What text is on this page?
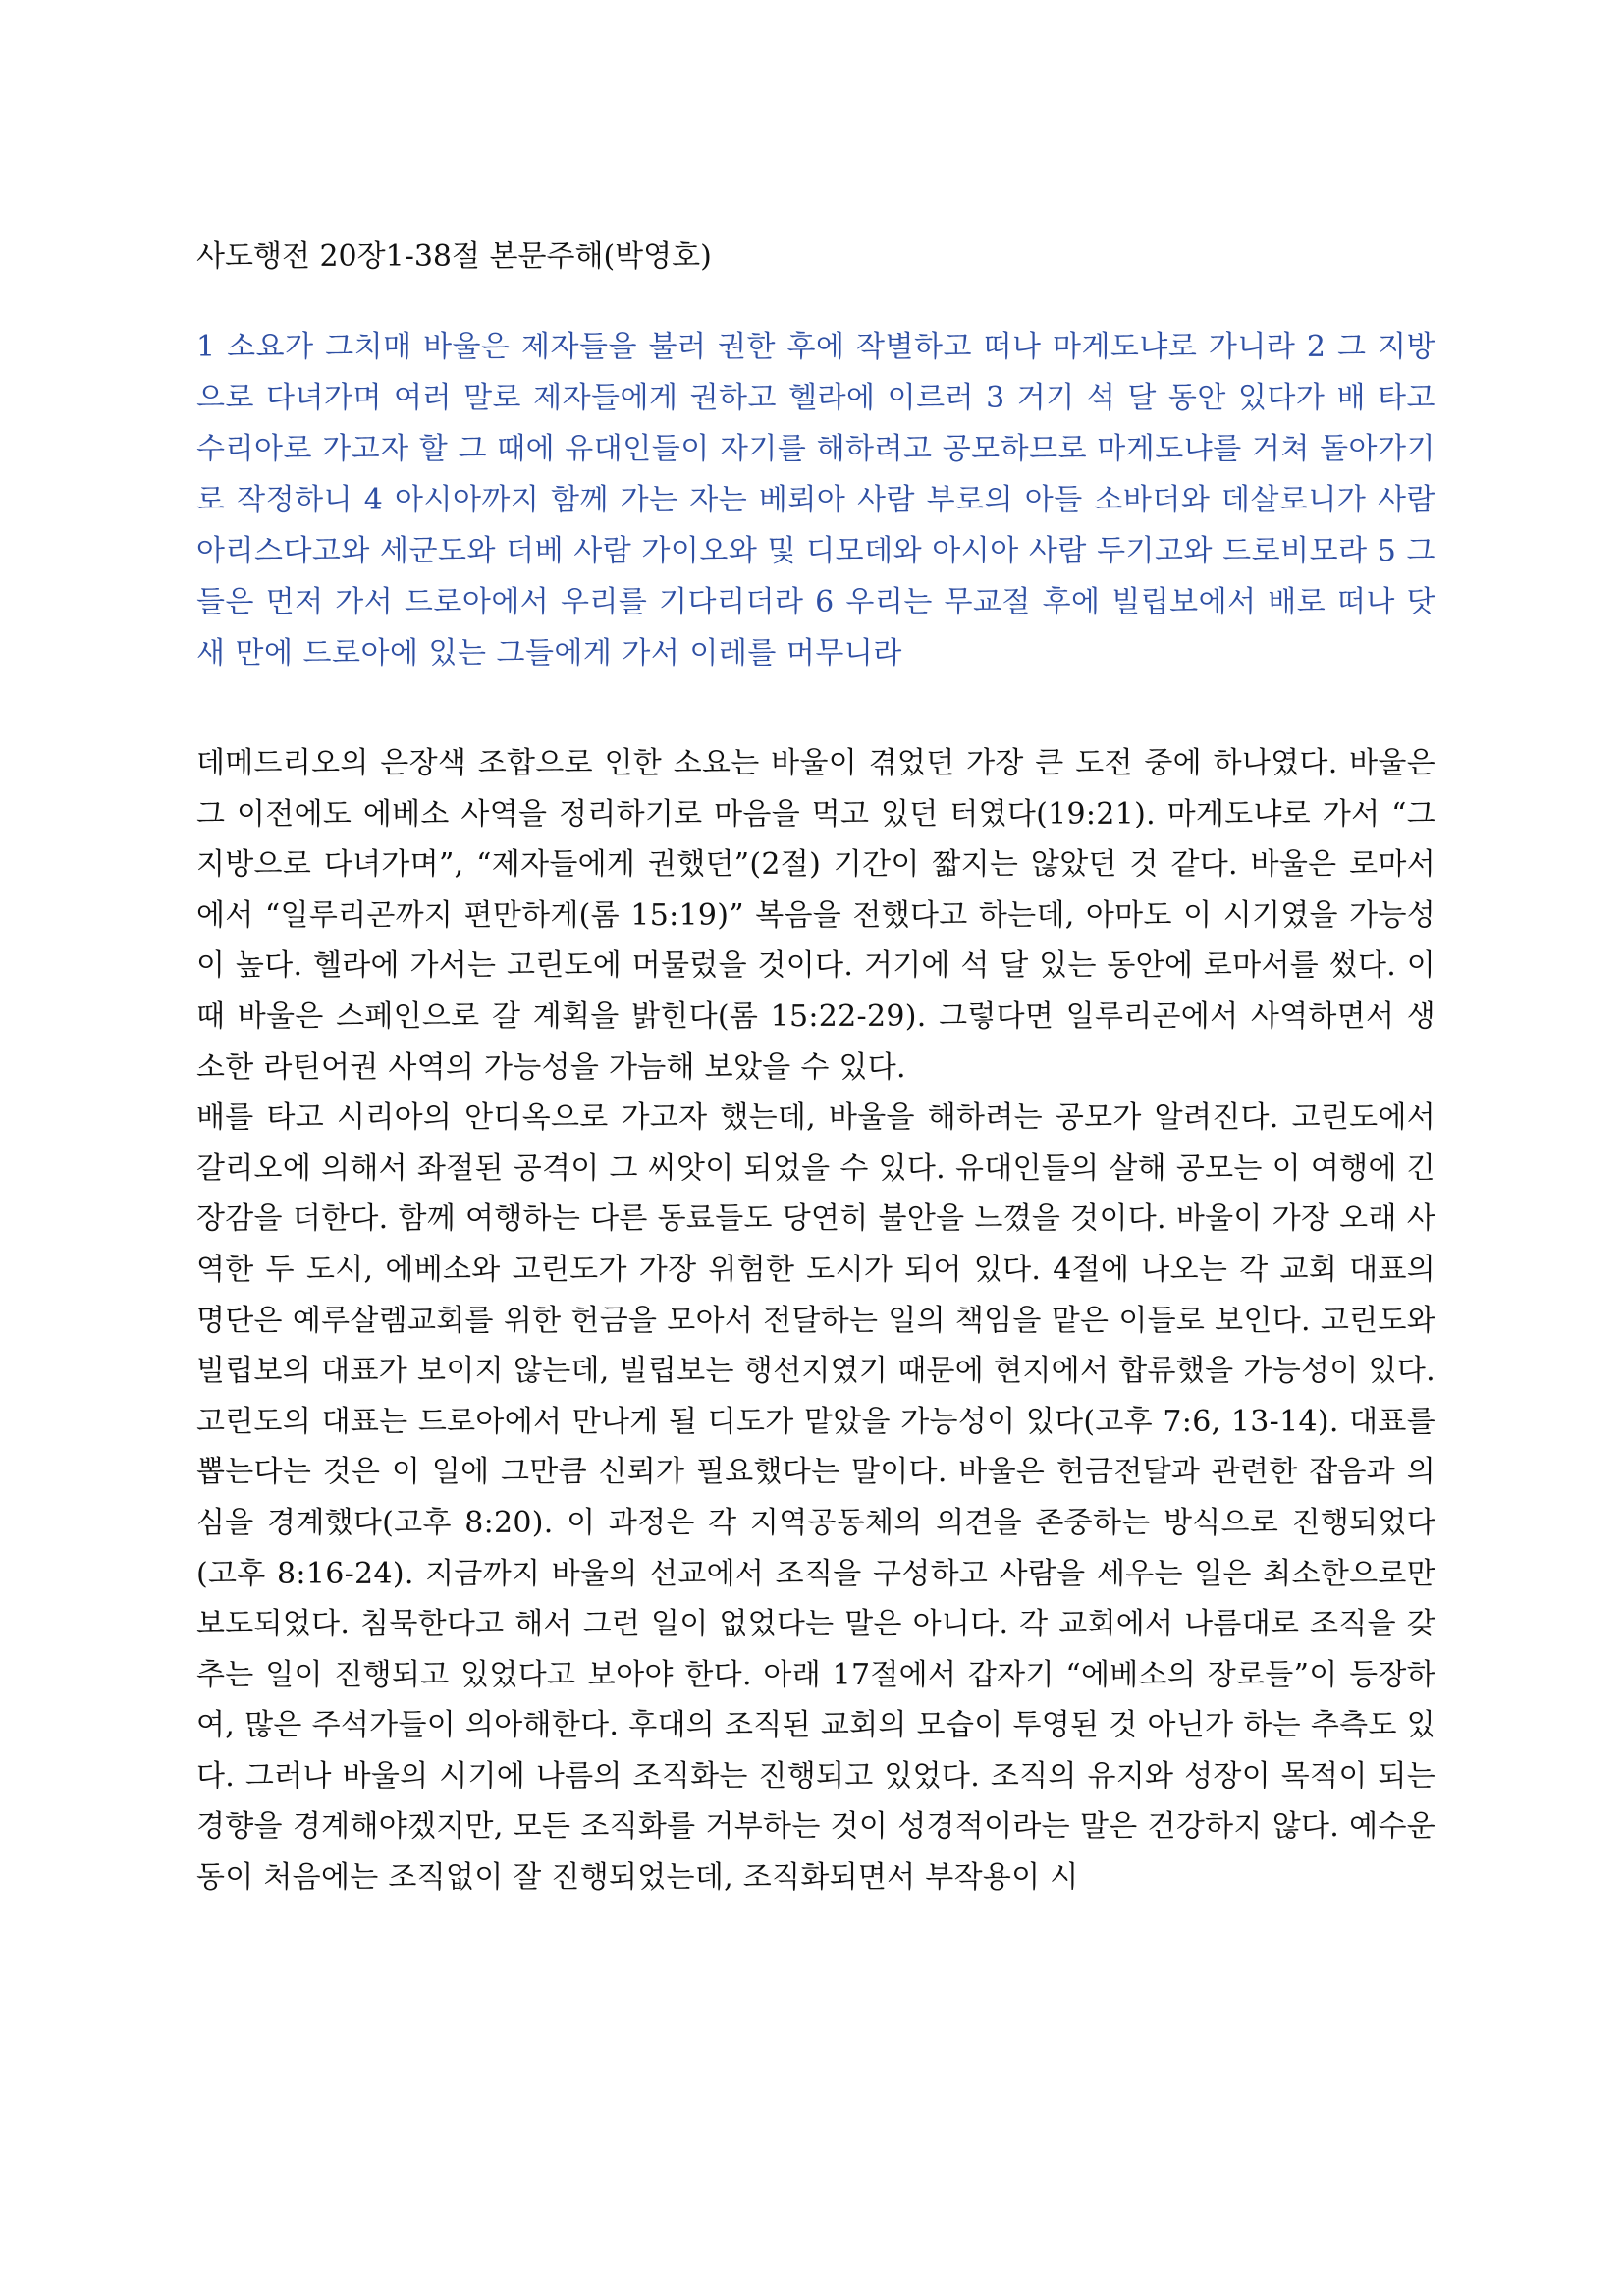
사도행전 20장1-38절 본문주해(박영호)

1 소요가 그치매 바울은 제자들을 불러 권한 후에 작별하고 떠나 마게도냐로 가니라 2 그 지방으로 다녀가며 여러 말로 제자들에게 권하고 헬라에 이르러 3 거기 석 달 동안 있다가 배 타고 수리아로 가고자 할 그 때에 유대인들이 자기를 해하려고 공모하므로 마게도냐를 거쳐 돌아가기로 작정하니 4 아시아까지 함께 가는 자는 베뢰아 사람 부로의 아들 소바더와 데살로니가 사람 아리스다고와 세군도와 더베 사람 가이오와 및 디모데와 아시아 사람 두기고와 드로비모라 5 그들은 먼저 가서 드로아에서 우리를 기다리더라 6 우리는 무교절 후에 빌립보에서 배로 떠나 닷새 만에 드로아에 있는 그들에게 가서 이레를 머무니라

데메드리오의 은장색 조합으로 인한 소요는 바울이 겪었던 가장 큰 도전 중에 하나였다. 바울은 그 이전에도 에베소 사역을 정리하기로 마음을 먹고 있던 터였다(19:21). 마게도냐로 가서 “그 지방으로 다녀가며”, “제자들에게 권했던”(2절) 기간이 짧지는 않았던 것 같다. 바울은 로마서에서 “일루리곤까지 편만하게(롬 15:19)” 복음을 전했다고 하는데, 아마도 이 시기였을 가능성이 높다. 헬라에 가서는 고린도에 머물렀을 것이다. 거기에 석 달 있는 동안에 로마서를 썼다. 이 때 바울은 스페인으로 갈 계획을 밝힌다(롬 15:22-29). 그렇다면 일루리곤에서 사역하면서 생소한 라틴어권 사역의 가능성을 가늠해 보았을 수 있다.

배를 타고 시리아의 안디옥으로 가고자 했는데, 바울을 해하려는 공모가 알려진다. 고린도에서 갈리오에 의해서 좌절된 공격이 그 씨앗이 되었을 수 있다. 유대인들의 살해 공모는 이 여행에 긴장감을 더한다. 함께 여행하는 다른 동료들도 당연히 불안을 느꼈을 것이다. 바울이 가장 오래 사역한 두 도시, 에베소와 고린도가 가장 위험한 도시가 되어 있다. 4절에 나오는 각 교회 대표의 명단은 예루살렘교회를 위한 헌금을 모아서 전달하는 일의 책임을 맡은 이들로 보인다. 고린도와 빌립보의 대표가 보이지 않는데, 빌립보는 행선지였기 때문에 현지에서 합류했을 가능성이 있다. 고린도의 대표는 드로아에서 만나게 될 디도가 맡았을 가능성이 있다(고후 7:6, 13-14). 대표를 뽑는다는 것은 이 일에 그만큼 신뢰가 필요했다는 말이다. 바울은 헌금전달과 관련한 잡음과 의심을 경계했다(고후 8:20). 이 과정은 각 지역공동체의 의견을 존중하는 방식으로 진행되었다(고후 8:16-24). 지금까지 바울의 선교에서 조직을 구성하고 사람을 세우는 일은 최소한으로만 보도되었다. 침묵한다고 해서 그런 일이 없었다는 말은 아니다. 각 교회에서 나름대로 조직을 갖추는 일이 진행되고 있었다고 보아야 한다. 아래 17절에서 갑자기 “에베소의 장로들”이 등장하여, 많은 주석가들이 의아해한다. 후대의 조직된 교회의 모습이 투영된 것 아닌가 하는 추측도 있다. 그러나 바울의 시기에 나름의 조직화는 진행되고 있었다. 조직의 유지와 성장이 목적이 되는 경향을 경계해야겠지만, 모든 조직화를 거부하는 것이 성경적이라는 말은 건강하지 않다. 예수운동이 처음에는 조직없이 잘 진행되었는데, 조직화되면서 부작용이 시
